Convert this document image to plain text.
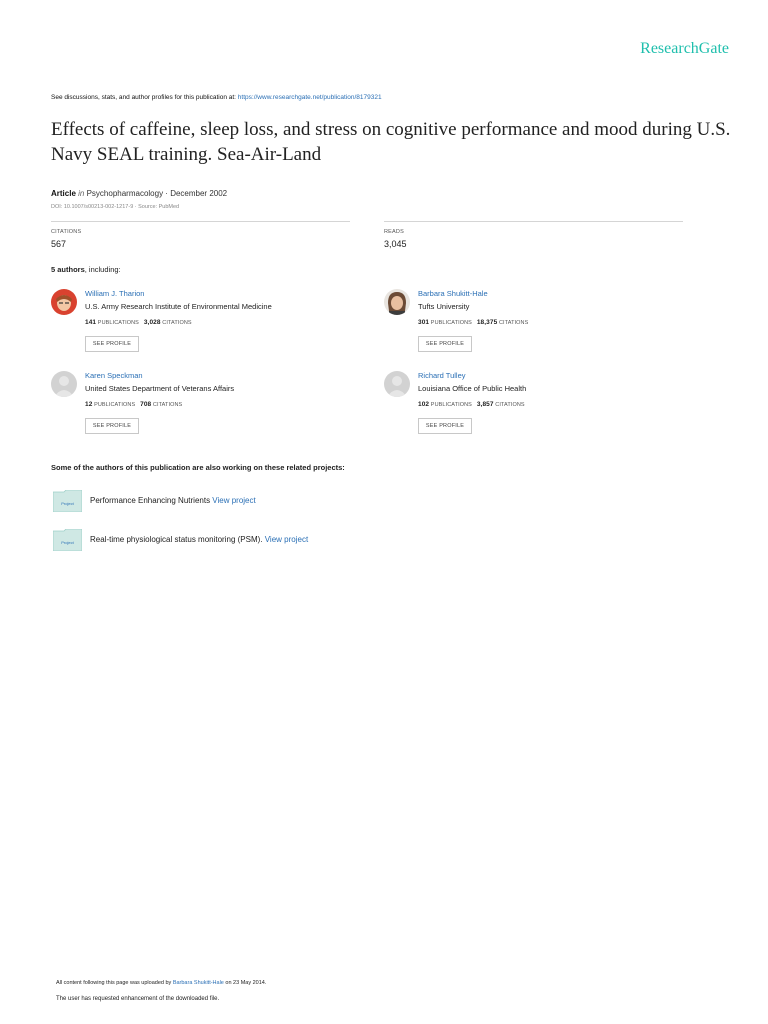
ResearchGate
See discussions, stats, and author profiles for this publication at: https://www.researchgate.net/publication/8179321
Effects of caffeine, sleep loss, and stress on cognitive performance and mood during U.S. Navy SEAL training. Sea-Air-Land
Article in Psychopharmacology · December 2002
DOI: 10.1007/s00213-002-1217-9 · Source: PubMed
CITATIONS
567
READS
3,045
5 authors, including:
William J. Tharion
U.S. Army Research Institute of Environmental Medicine
141 PUBLICATIONS 3,028 CITATIONS
SEE PROFILE
Barbara Shukitt-Hale
Tufts University
301 PUBLICATIONS 18,375 CITATIONS
SEE PROFILE
Karen Speckman
United States Department of Veterans Affairs
12 PUBLICATIONS 708 CITATIONS
SEE PROFILE
Richard Tulley
Louisiana Office of Public Health
102 PUBLICATIONS 3,857 CITATIONS
SEE PROFILE
Some of the authors of this publication are also working on these related projects:
Project Performance Enhancing Nutrients View project
Project Real-time physiological status monitoring (PSM). View project
All content following this page was uploaded by Barbara Shukitt-Hale on 23 May 2014.
The user has requested enhancement of the downloaded file.
